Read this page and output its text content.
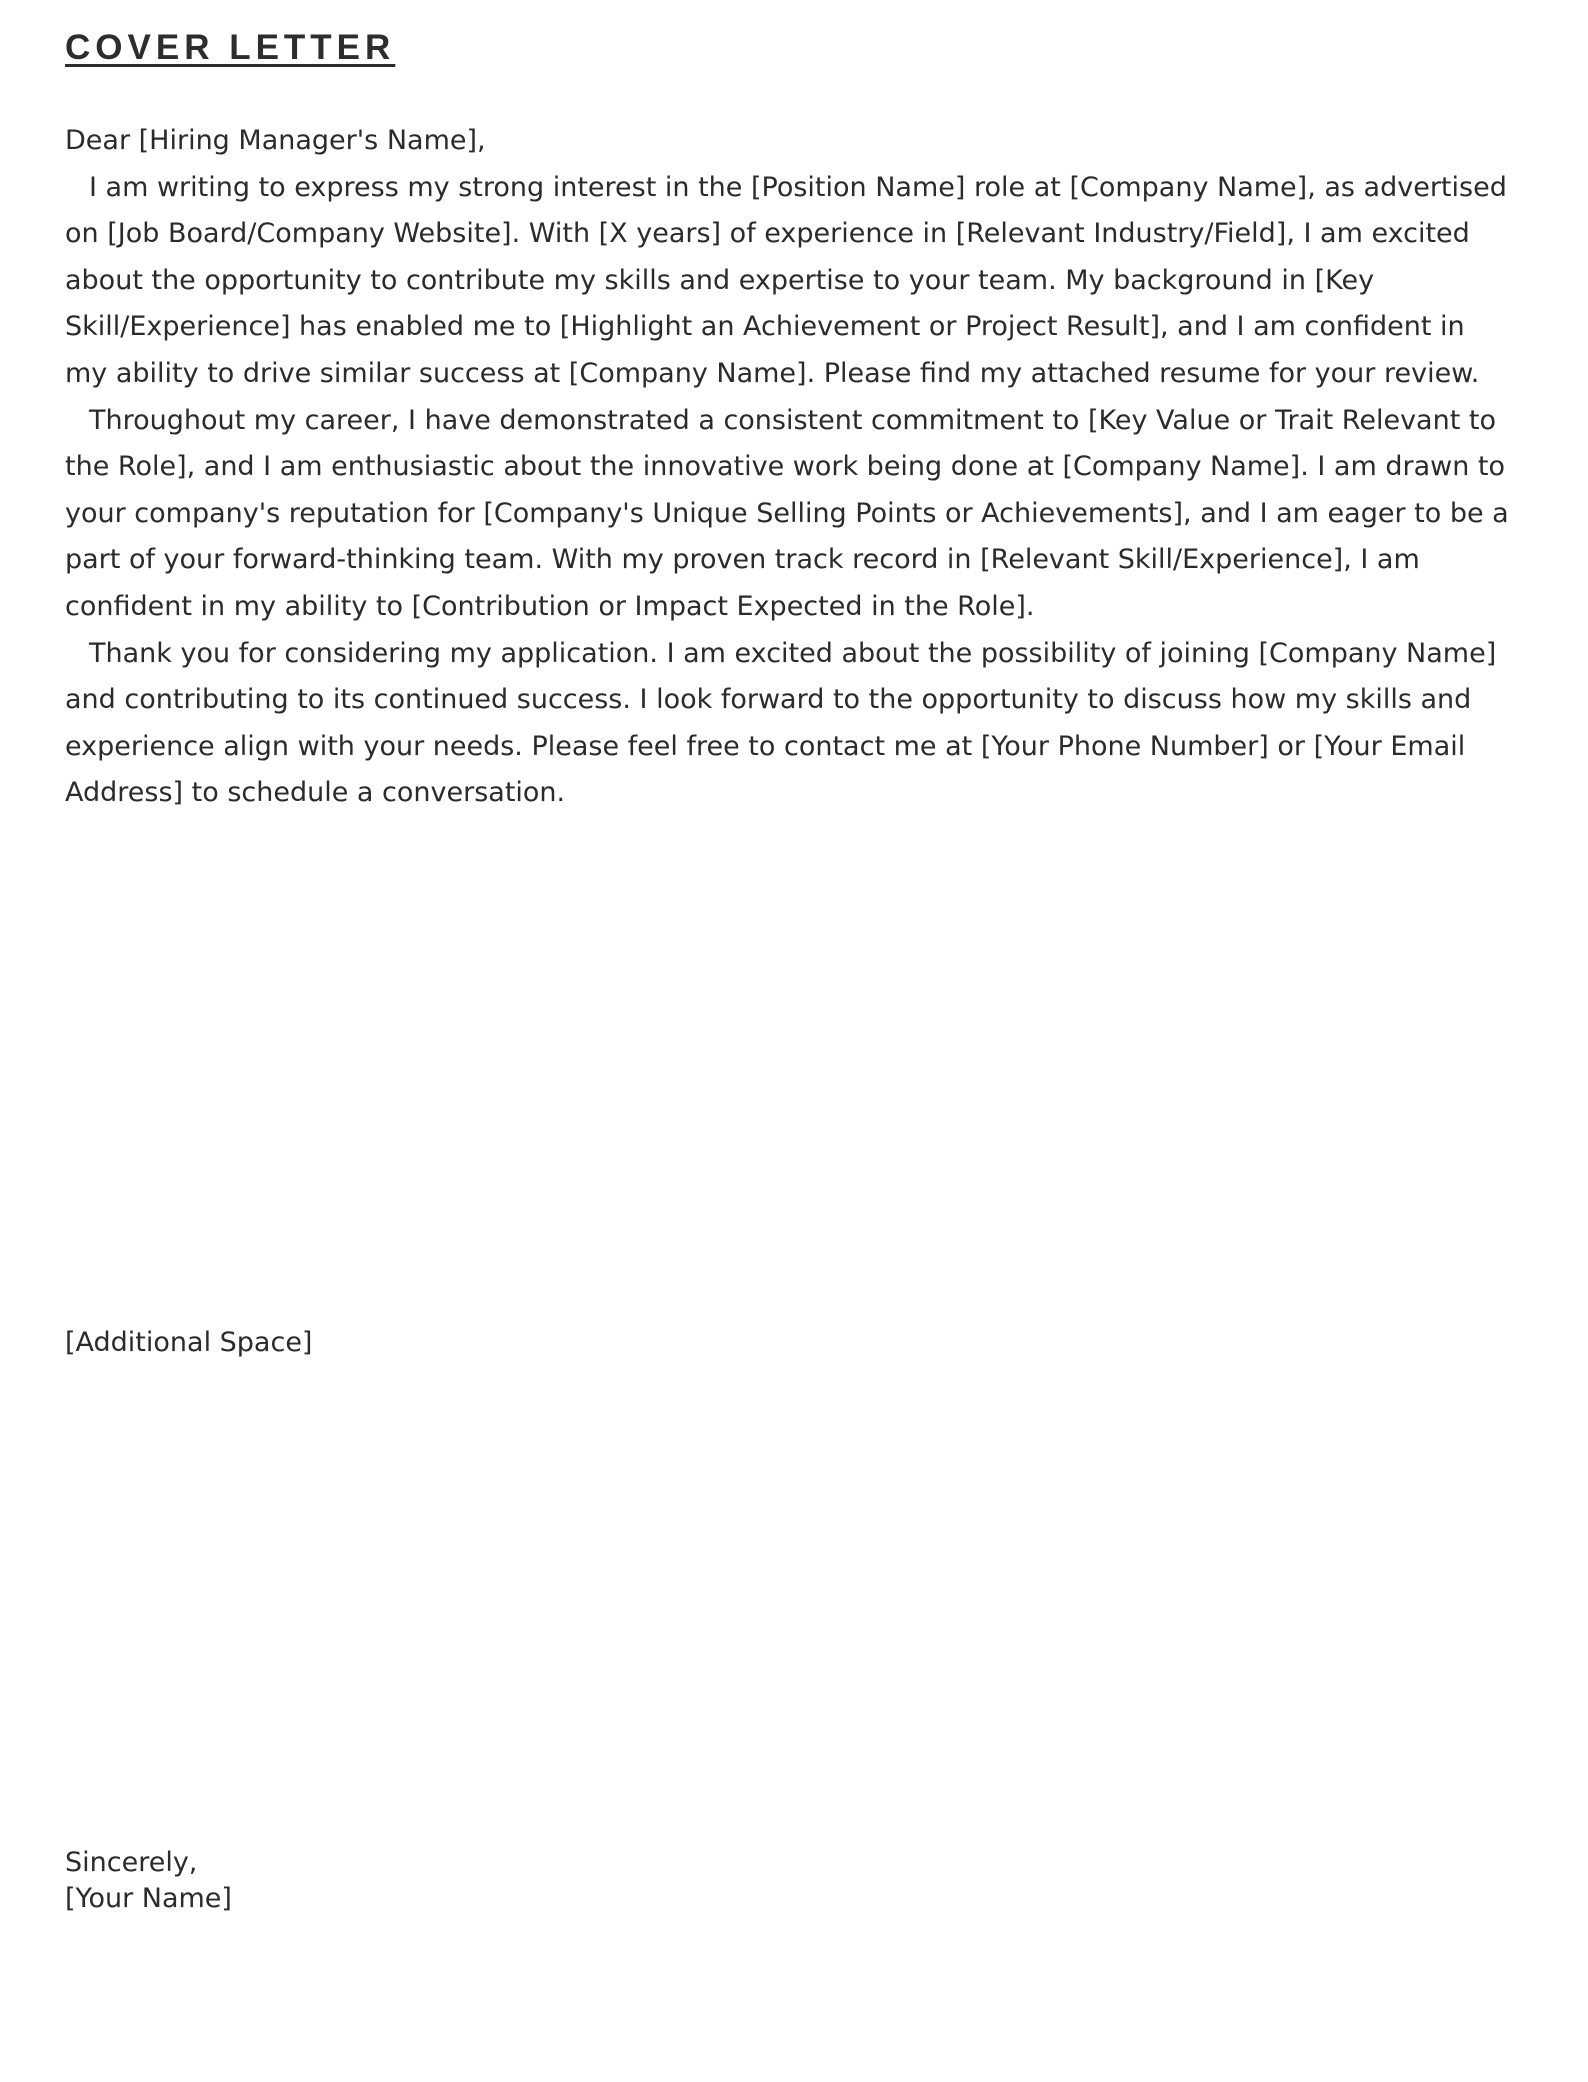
COVER LETTER

Dear [Hiring Manager's Name],

I am writing to express my strong interest in the [Position Name] role at [Company Name], as advertised on [Job Board/Company Website]. With [X years] of experience in [Relevant Industry/Field], I am excited about the opportunity to contribute my skills and expertise to your team. My background in [Key Skill/Experience] has enabled me to [Highlight an Achievement or Project Result], and I am confident in my ability to drive similar success at [Company Name]. Please find my attached resume for your review.

Throughout my career, I have demonstrated a consistent commitment to [Key Value or Trait Relevant to the Role], and I am enthusiastic about the innovative work being done at [Company Name]. I am drawn to your company's reputation for [Company's Unique Selling Points or Achievements], and I am eager to be a part of your forward-thinking team. With my proven track record in [Relevant Skill/Experience], I am confident in my ability to [Contribution or Impact Expected in the Role].

Thank you for considering my application. I am excited about the possibility of joining [Company Name] and contributing to its continued success. I look forward to the opportunity to discuss how my skills and experience align with your needs. Please feel free to contact me at [Your Phone Number] or [Your Email Address] to schedule a conversation.

[Additional Space]

Sincerely,
[Your Name]
